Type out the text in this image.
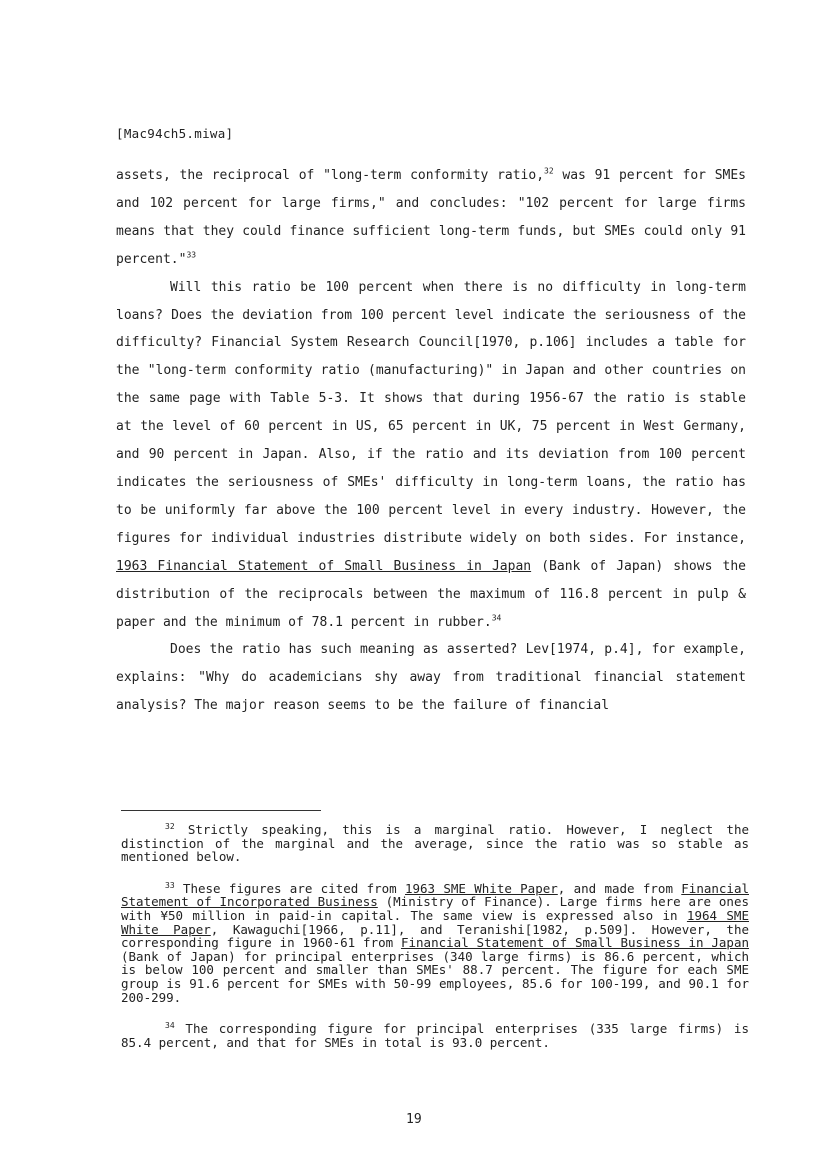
[Mac94ch5.miwa]

assets, the reciprocal of "long-term conformity ratio,$^{32}$ was 91 percent for SMEs and 102 percent for large firms," and concludes: "102 percent for large firms means that they could finance sufficient long-term funds, but SMEs could only 91 percent."$^{33}$

Will this ratio be 100 percent when there is no difficulty in long-term loans? Does the deviation from 100 percent level indicate the seriousness of the difficulty? Financial System Research Council[1970, p.106] includes a table for the "long-term conformity ratio (manufacturing)" in Japan and other countries on the same page with Table 5-3. It shows that during 1956-67 the ratio is stable at the level of 60 percent in US, 65 percent in UK, 75 percent in West Germany, and 90 percent in Japan. Also, if the ratio and its deviation from 100 percent indicates the seriousness of SMEs' difficulty in long-term loans, the ratio has to be uniformly far above the 100 percent level in every industry. However, the figures for individual industries distribute widely on both sides. For instance, 1963 Financial Statement of Small Business in Japan (Bank of Japan) shows the distribution of the reciprocals between the maximum of 116.8 percent in pulp & paper and the minimum of 78.1 percent in rubber.$^{34}$

Does the ratio has such meaning as asserted? Lev[1974, p.4], for example, explains: "Why do academicians shy away from traditional financial statement analysis? The major reason seems to be the failure of financial

$^{32}$ Strictly speaking, this is a marginal ratio. However, I neglect the distinction of the marginal and the average, since the ratio was so stable as mentioned below.

$^{33}$ These figures are cited from 1963 SME White Paper, and made from Financial Statement of Incorporated Business (Ministry of Finance). Large firms here are ones with ¥50 million in paid-in capital. The same view is expressed also in 1964 SME White Paper, Kawaguchi[1966, p.11], and Teranishi[1982, p.509]. However, the corresponding figure in 1960-61 from Financial Statement of Small Business in Japan (Bank of Japan) for principal enterprises (340 large firms) is 86.6 percent, which is below 100 percent and smaller than SMEs' 88.7 percent. The figure for each SME group is 91.6 percent for SMEs with 50-99 employees, 85.6 for 100-199, and 90.1 for 200-299.

$^{34}$ The corresponding figure for principal enterprises (335 large firms) is 85.4 percent, and that for SMEs in total is 93.0 percent.

19
